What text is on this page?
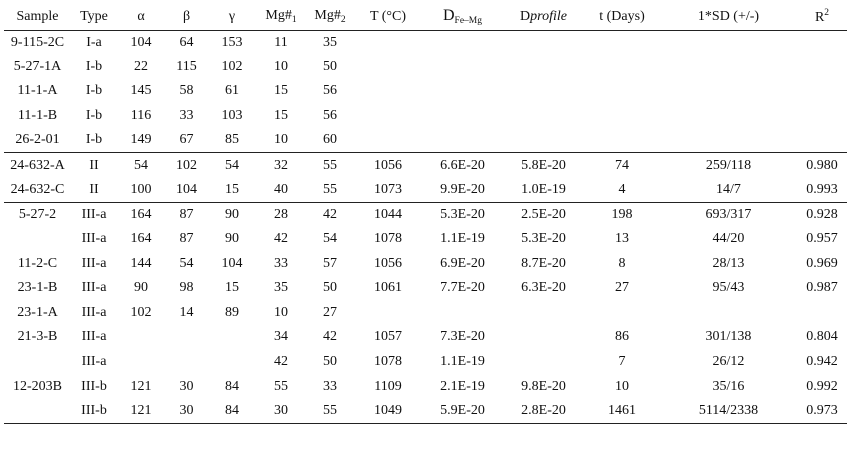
Sample	Type	α	β	γ	$Mg\#_1$	$Mg\#_2$	T (°C)	$D_{Fe-Mg}$	Dprofile	t (Days)	1*SD (+/-)	$R^2$
9-115-2C	I-a	104	64	153	11	35						
5-27-1A	I-b	22	115	102	10	50						
11-1-A	I-b	145	58	61	15	56						
11-1-B	I-b	116	33	103	15	56						
26-2-01	I-b	149	67	85	10	60						
24-632-A	II	54	102	54	32	55	1056	6.6E-20	5.8E-20	74	259/118	0.980
24-632-C	II	100	104	15	40	55	1073	9.9E-20	1.0E-19	4	14/7	0.993
5-27-2	III-a	164	87	90	28	42	1044	5.3E-20	2.5E-20	198	693/317	0.928
	III-a	164	87	90	42	54	1078	1.1E-19	5.3E-20	13	44/20	0.957
11-2-C	III-a	144	54	104	33	57	1056	6.9E-20	8.7E-20	8	28/13	0.969
23-1-B	III-a	90	98	15	35	50	1061	7.7E-20	6.3E-20	27	95/43	0.987
23-1-A	III-a	102	14	89	10	27						
21-3-B	III-a				34	42	1057	7.3E-20		86	301/138	0.804
	III-a				42	50	1078	1.1E-19		7	26/12	0.942
12-203B	III-b	121	30	84	55	33	1109	2.1E-19	9.8E-20	10	35/16	0.992
	III-b	121	30	84	30	55	1049	5.9E-20	2.8E-20	1461	5114/2338	0.973
